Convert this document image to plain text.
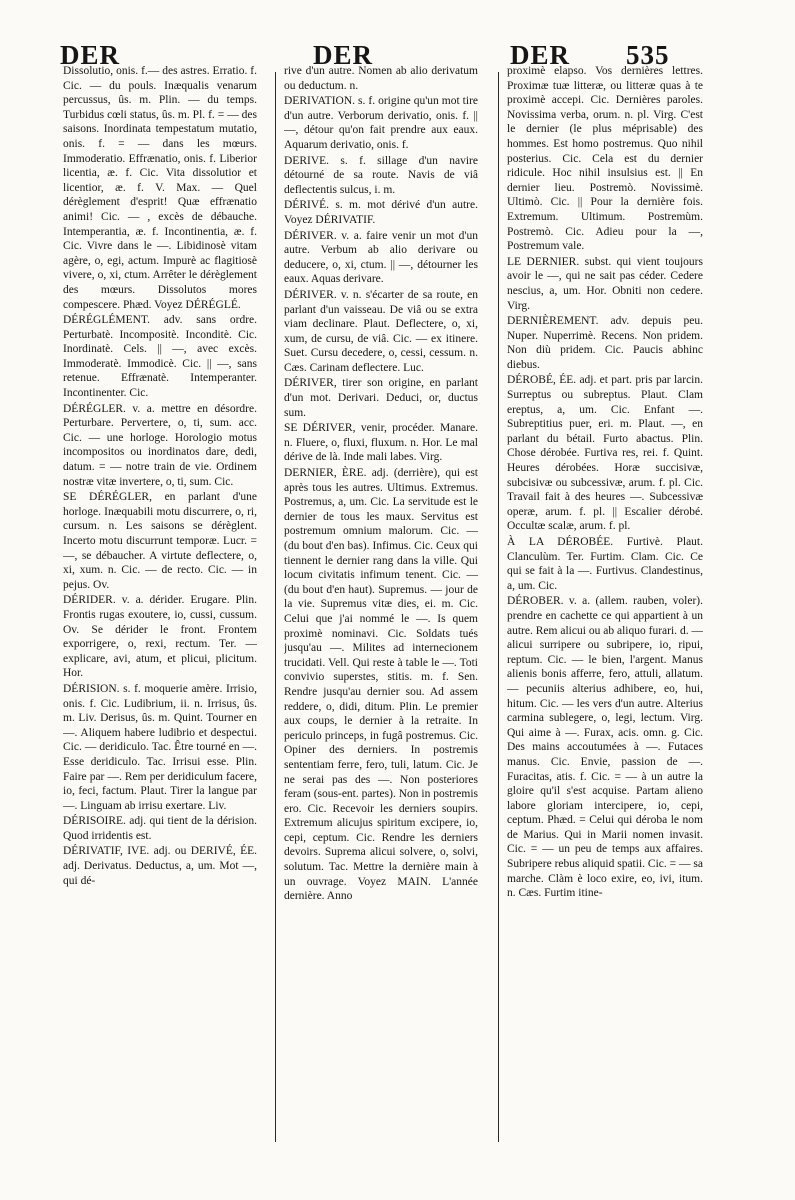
DER	DER	DER 535

Dissolutio, onis. f.— des astres. Erratio. f. Cic. — du pouls. Inæqualis venarum percussus, ûs. m. Plin. — du temps. Turbidus cœli status, ûs. m. Pl. f. = — des saisons. Inordinata tempestatum mutatio, onis. f. = — dans les mœurs. Immoderatio. Effrænatio, onis. f. Liberior licentia, æ. f. Cic. Vita dissolutior et licentior, æ. f. V. Max. — Quel dérèglement d'esprit! Quæ effrænatio animi! Cic. — , excès de débauche. Intemperantia, æ. f. Incontinentia, æ. f. Cic. Vivre dans le —. Libidinosè vitam agère, o, egi, actum. Impurè ac flagitiosè vivere, o, xi, ctum. Arrêter le dérèglement des mœurs. Dissolutos mores compescere. Phæd. Voyez DÉRÉGLÉ.

DÉRÉGLÉMENT. adv. sans ordre. Perturbatè. Incompositè. Inconditè. Cic. Inordinatè. Cels. || —, avec excès. Immoderatè. Immodicè. Cic. || —, sans retenue. Effrænatè. Intemperanter. Incontinenter. Cic.

DÉRÉGLER. v. a. mettre en désordre. Perturbare. Pervertere, o, ti, sum. acc. Cic. — une horloge. Horologio motus incompositos ou inordinatos dare, dedi, datum. = — notre train de vie. Ordinem nostræ vitæ invertere, o, ti, sum. Cic.

SE DÉRÉGLER, en parlant d'une horloge. Inæquabili motu discurrere, o, ri, cursum. n. Les saisons se dérèglent. Incerto motu discurrunt temporæ. Lucr. = —, se débaucher. A virtute deflectere, o, xi, xum. n. Cic. — de recto. Cic. — in pejus. Ov.

DÉRIDER. v. a. dérider. Erugare. Plin. Frontis rugas exoutere, io, cussi, cussum. Ov. Se dérider le front. Frontem exporrigere, o, rexi, rectum. Ter. — explicare, avi, atum, et plicui, plicitum. Hor.

DÉRISION. s. f. moquerie amère. Irrisio, onis. f. Cic. Ludibrium, ii. n. Irrisus, ûs. m. Liv. Derisus, ûs. m. Quint. Tourner en —. Aliquem habere ludibrio et despectui. Cic. — deridiculo. Tac. Être tourné en —. Esse deridiculo. Tac. Irrisui esse. Plin. Faire par —. Rem per deridiculum facere, io, feci, factum. Plaut. Tirer la langue par —. Linguam ab irrisu exertare. Liv.

DÉRISOIRE. adj. qui tient de la dérision. Quod irridentis est.

DÉRIVATIF, IVE. adj. ou DERIVÉ, ÉE. adj. Derivatus. Deductus, a, um. Mot —, qui dé-

rive d'un autre. Nomen ab alio derivatum ou deductum. n.

DERIVATION. s. f. origine qu'un mot tire d'un autre. Verborum derivatio, onis. f. || —, détour qu'on fait prendre aux eaux. Aquarum derivatio, onis. f.

DERIVE. s. f. sillage d'un navire détourné de sa route. Navis de viâ deflectentis sulcus, i. m.

DÉRIVÉ. s. m. mot dérivé d'un autre. Voyez DÉRIVATIF.

DÉRIVER. v. a. faire venir un mot d'un autre. Verbum ab alio derivare ou deducere, o, xi, ctum. || —, détourner les eaux. Aquas derivare.

DÉRIVER. v. n. s'écarter de sa route, en parlant d'un vaisseau. De viâ ou se extra viam declinare. Plaut. Deflectere, o, xi, xum, de cursu, de viâ. Cic. — ex itinere. Suet. Cursu decedere, o, cessi, cessum. n. Cæs. Carinam deflectere. Luc.

DÉRIVER, tirer son origine, en parlant d'un mot. Derivari. Deduci, or, ductus sum.

SE DÉRIVER, venir, procéder. Manare. n. Fluere, o, fluxi, fluxum. n. Hor. Le mal dérive de là. Inde mali labes. Virg.

DERNIER, ÈRE. adj. (derrière), qui est après tous les autres. Ultimus. Extremus. Postremus, a, um. Cic. La servitude est le dernier de tous les maux. Servitus est postremum omnium malorum. Cic. — (du bout d'en bas). Infimus. Cic. Ceux qui tiennent le dernier rang dans la ville. Qui locum civitatis infimum tenent. Cic. — (du bout d'en haut). Supremus. — jour de la vie. Supremus vitæ dies, ei. m. Cic. Celui que j'ai nommé le —. Is quem proximè nominavi. Cic. Soldats tués jusqu'au —. Milites ad internecionem trucidati. Vell. Qui reste à table le —. Toti convivio superstes, stitis. m. f. Sen. Rendre jusqu'au dernier sou. Ad assem reddere, o, didi, ditum. Plin. Le premier aux coups, le dernier à la retraite. In periculo princeps, in fugâ postremus. Cic. Opiner des derniers. In postremis sententiam ferre, fero, tuli, latum. Cic. Je ne serai pas des —. Non posteriores feram (sous-ent. partes). Non in postremis ero. Cic. Recevoir les derniers soupirs. Extremum alicujus spiritum excipere, io, cepi, ceptum. Cic. Rendre les derniers devoirs. Suprema alicui solvere, o, solvi, solutum. Tac. Mettre la dernière main à un ouvrage. Voyez MAIN. L'année dernière. Anno

proximè elapso. Vos dernières lettres. Proximæ tuæ litteræ, ou litteræ quas à te proximè accepi. Cic. Dernières paroles. Novissima verba, orum. n. pl. Virg. C'est le dernier (le plus méprisable) des hommes. Est homo postremus. Quo nihil posterius. Cic. Cela est du dernier ridicule. Hoc nihil insulsius est. || En dernier lieu. Postremò. Novissimè. Ultimò. Cic. || Pour la dernière fois. Extremum. Ultimum. Postremùm. Postremò. Cic. Adieu pour la —, Postremum vale.

LE DERNIER. subst. qui vient toujours avoir le —, qui ne sait pas céder. Cedere nescius, a, um. Hor. Obniti non cedere. Virg.

DERNIÈREMENT. adv. depuis peu. Nuper. Nuperrimè. Recens. Non pridem. Non diù pridem. Cic. Paucis abhinc diebus.

DÉROBÉ, ÉE. adj. et part. pris par larcin. Surreptus ou subreptus. Plaut. Clam ereptus, a, um. Cic. Enfant —. Subreptitius puer, eri. m. Plaut. —, en parlant du bétail. Furto abactus. Plin. Chose dérobée. Furtiva res, rei. f. Quint. Heures dérobées. Horæ succisivæ, subcisivæ ou subcessivæ, arum. f. pl. Cic. Travail fait à des heures —. Subcessivæ operæ, arum. f. pl. || Escalier dérobé. Occultæ scalæ, arum. f. pl.

À LA DÉROBÉE. Furtivè. Plaut. Clanculùm. Ter. Furtim. Clam. Cic. Ce qui se fait à la —. Furtivus. Clandestinus, a, um. Cic.

DÉROBER. v. a. (allem. rauben, voler). prendre en cachette ce qui appartient à un autre. Rem alicui ou ab aliquo furari. d. — alicui surripere ou subripere, io, ripui, reptum. Cic. — le bien, l'argent. Manus alienis bonis afferre, fero, attuli, allatum. — pecuniis alterius adhibere, eo, hui, hitum. Cic. — les vers d'un autre. Alterius carmina sublegere, o, legi, lectum. Virg. Qui aime à —. Furax, acis. omn. g. Cic. Des mains accoutumées à —. Futaces manus. Cic. Envie, passion de —. Furacitas, atis. f. Cic. = — à un autre la gloire qu'il s'est acquise. Partam alieno labore gloriam intercipere, io, cepi, ceptum. Phæd. = Celui qui déroba le nom de Marius. Qui in Marii nomen invasit. Cic. = — un peu de temps aux affaires. Subripere rebus aliquid spatii. Cic. = — sa marche. Clàm è loco exire, eo, ivi, itum. n. Cæs. Furtim itine-
